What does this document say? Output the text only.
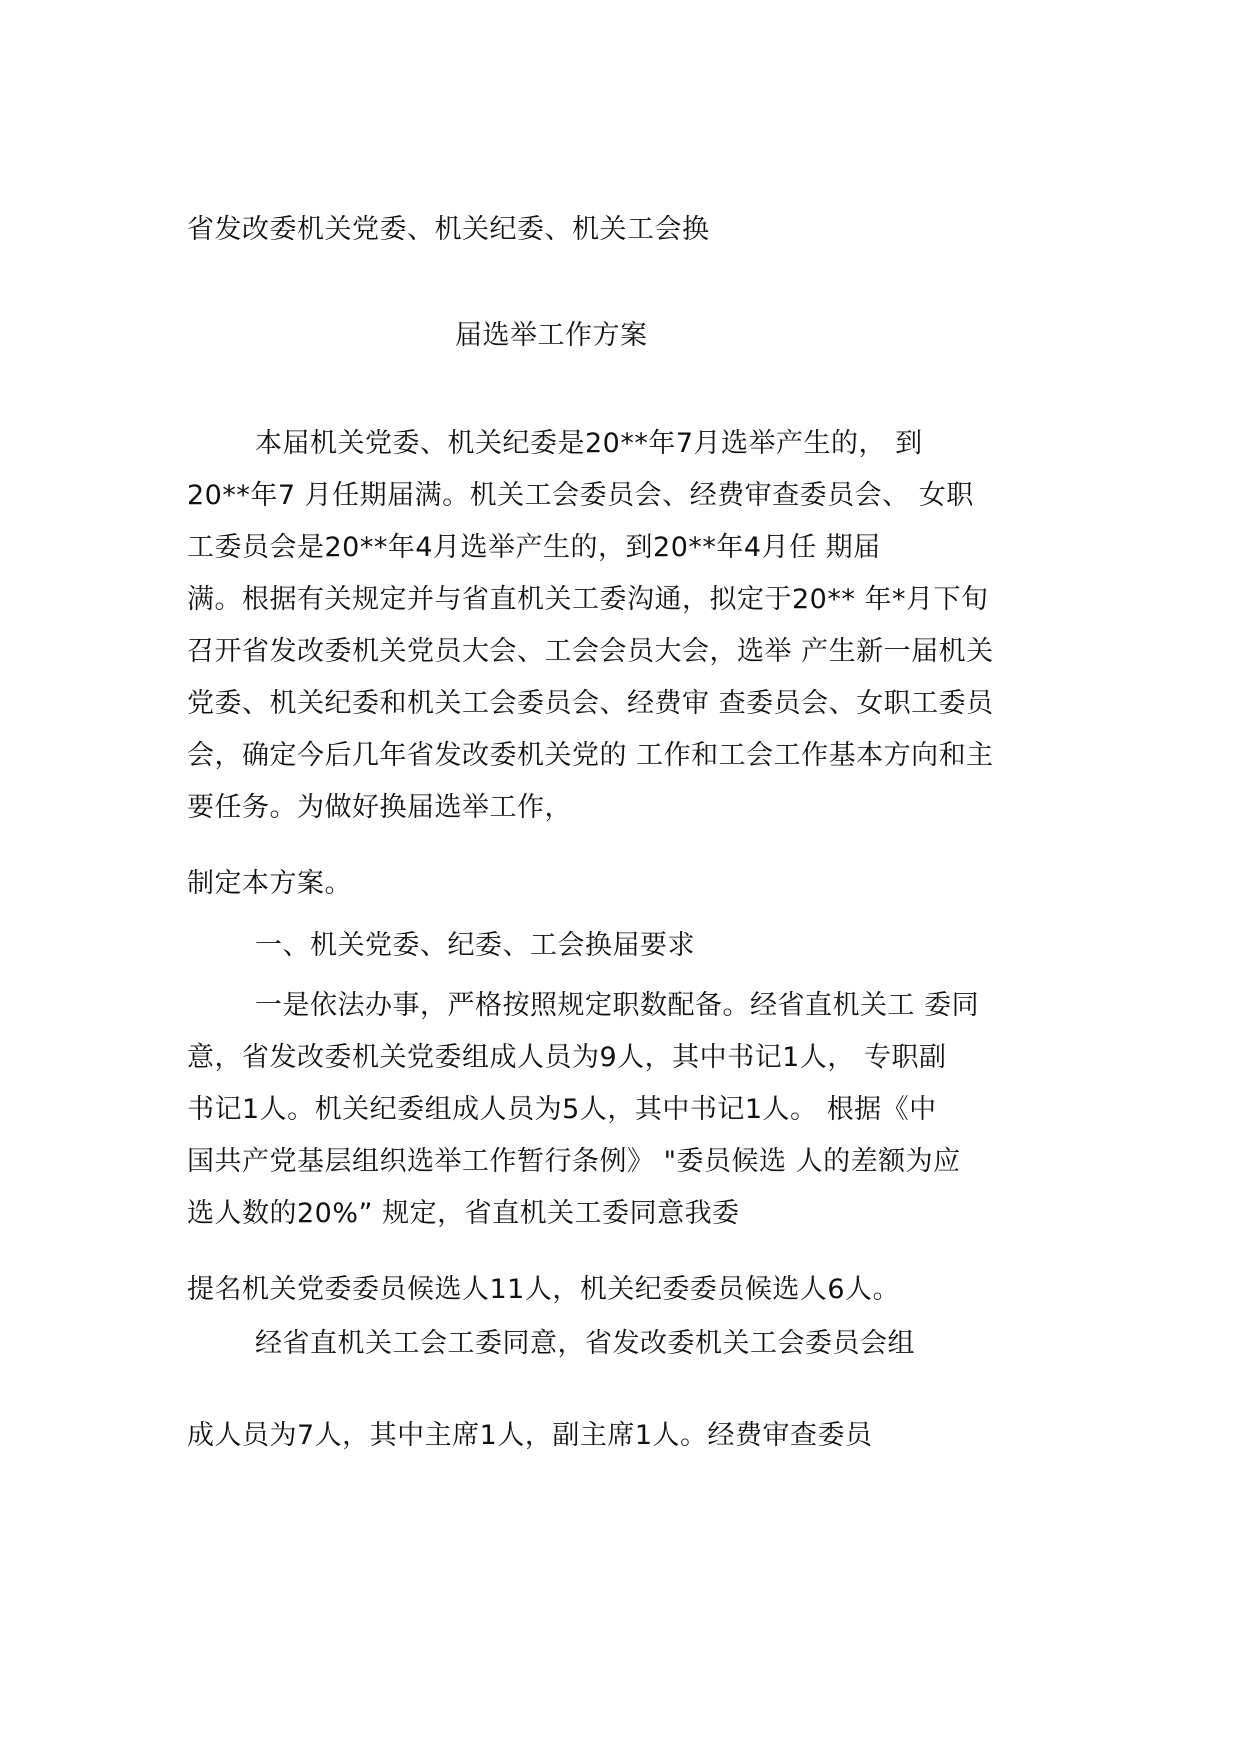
省发改委机关党委、机关纪委、机关工会换
届选举工作方案
本届机关党委、机关纪委是20**年7月选举产生的， 到
20**年7 月任期届满。机关工会委员会、经费审查委员会、 女职
工委员会是20**年4月选举产生的，到20**年4月任 期届
满。根据有关规定并与省直机关工委沟通，拟定于20** 年*月下旬
召开省发改委机关党员大会、工会会员大会，选举 产生新一届机关
党委、机关纪委和机关工会委员会、经费审 查委员会、女职工委员
会，确定今后几年省发改委机关党的 工作和工会工作基本方向和主
要任务。为做好换届选举工作，
制定本方案。
一、机关党委、纪委、工会换届要求
一是依法办事，严格按照规定职数配备。经省直机关工 委同
意，省发改委机关党委组成人员为9人，其中书记1人， 专职副
书记1人。机关纪委组成人员为5人，其中书记1人。 根据《中
国共产党基层组织选举工作暂行条例》 "委员候选 人的差额为应
选人数的20%” 规定，省直机关工委同意我委
提名机关党委委员候选人11人，机关纪委委员候选人6人。
经省直机关工会工委同意，省发改委机关工会委员会组
成人员为7人，其中主席1人，副主席1人。经费审查委员
